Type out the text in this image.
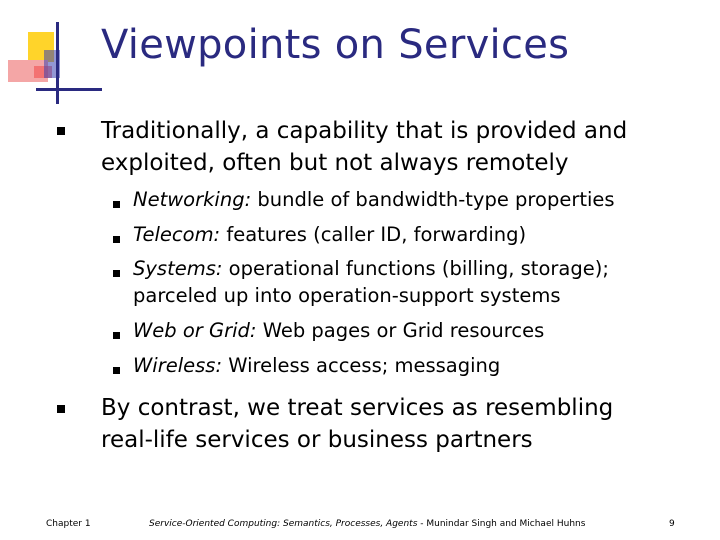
Viewpoints on Services
Traditionally, a capability that is provided and
exploited, often but not always remotely
Networking: bundle of bandwidth-type properties
Telecom: features (caller ID, forwarding)
Systems: operational functions (billing, storage);
parceled up into operation-support systems
Web or Grid: Web pages or Grid resources
Wireless: Wireless access; messaging
By contrast, we treat services as resembling
real-life services or business partners
Chapter 1	Service-Oriented Computing: Semantics, Processes, Agents - Munindar Singh and Michael Huhns	9
